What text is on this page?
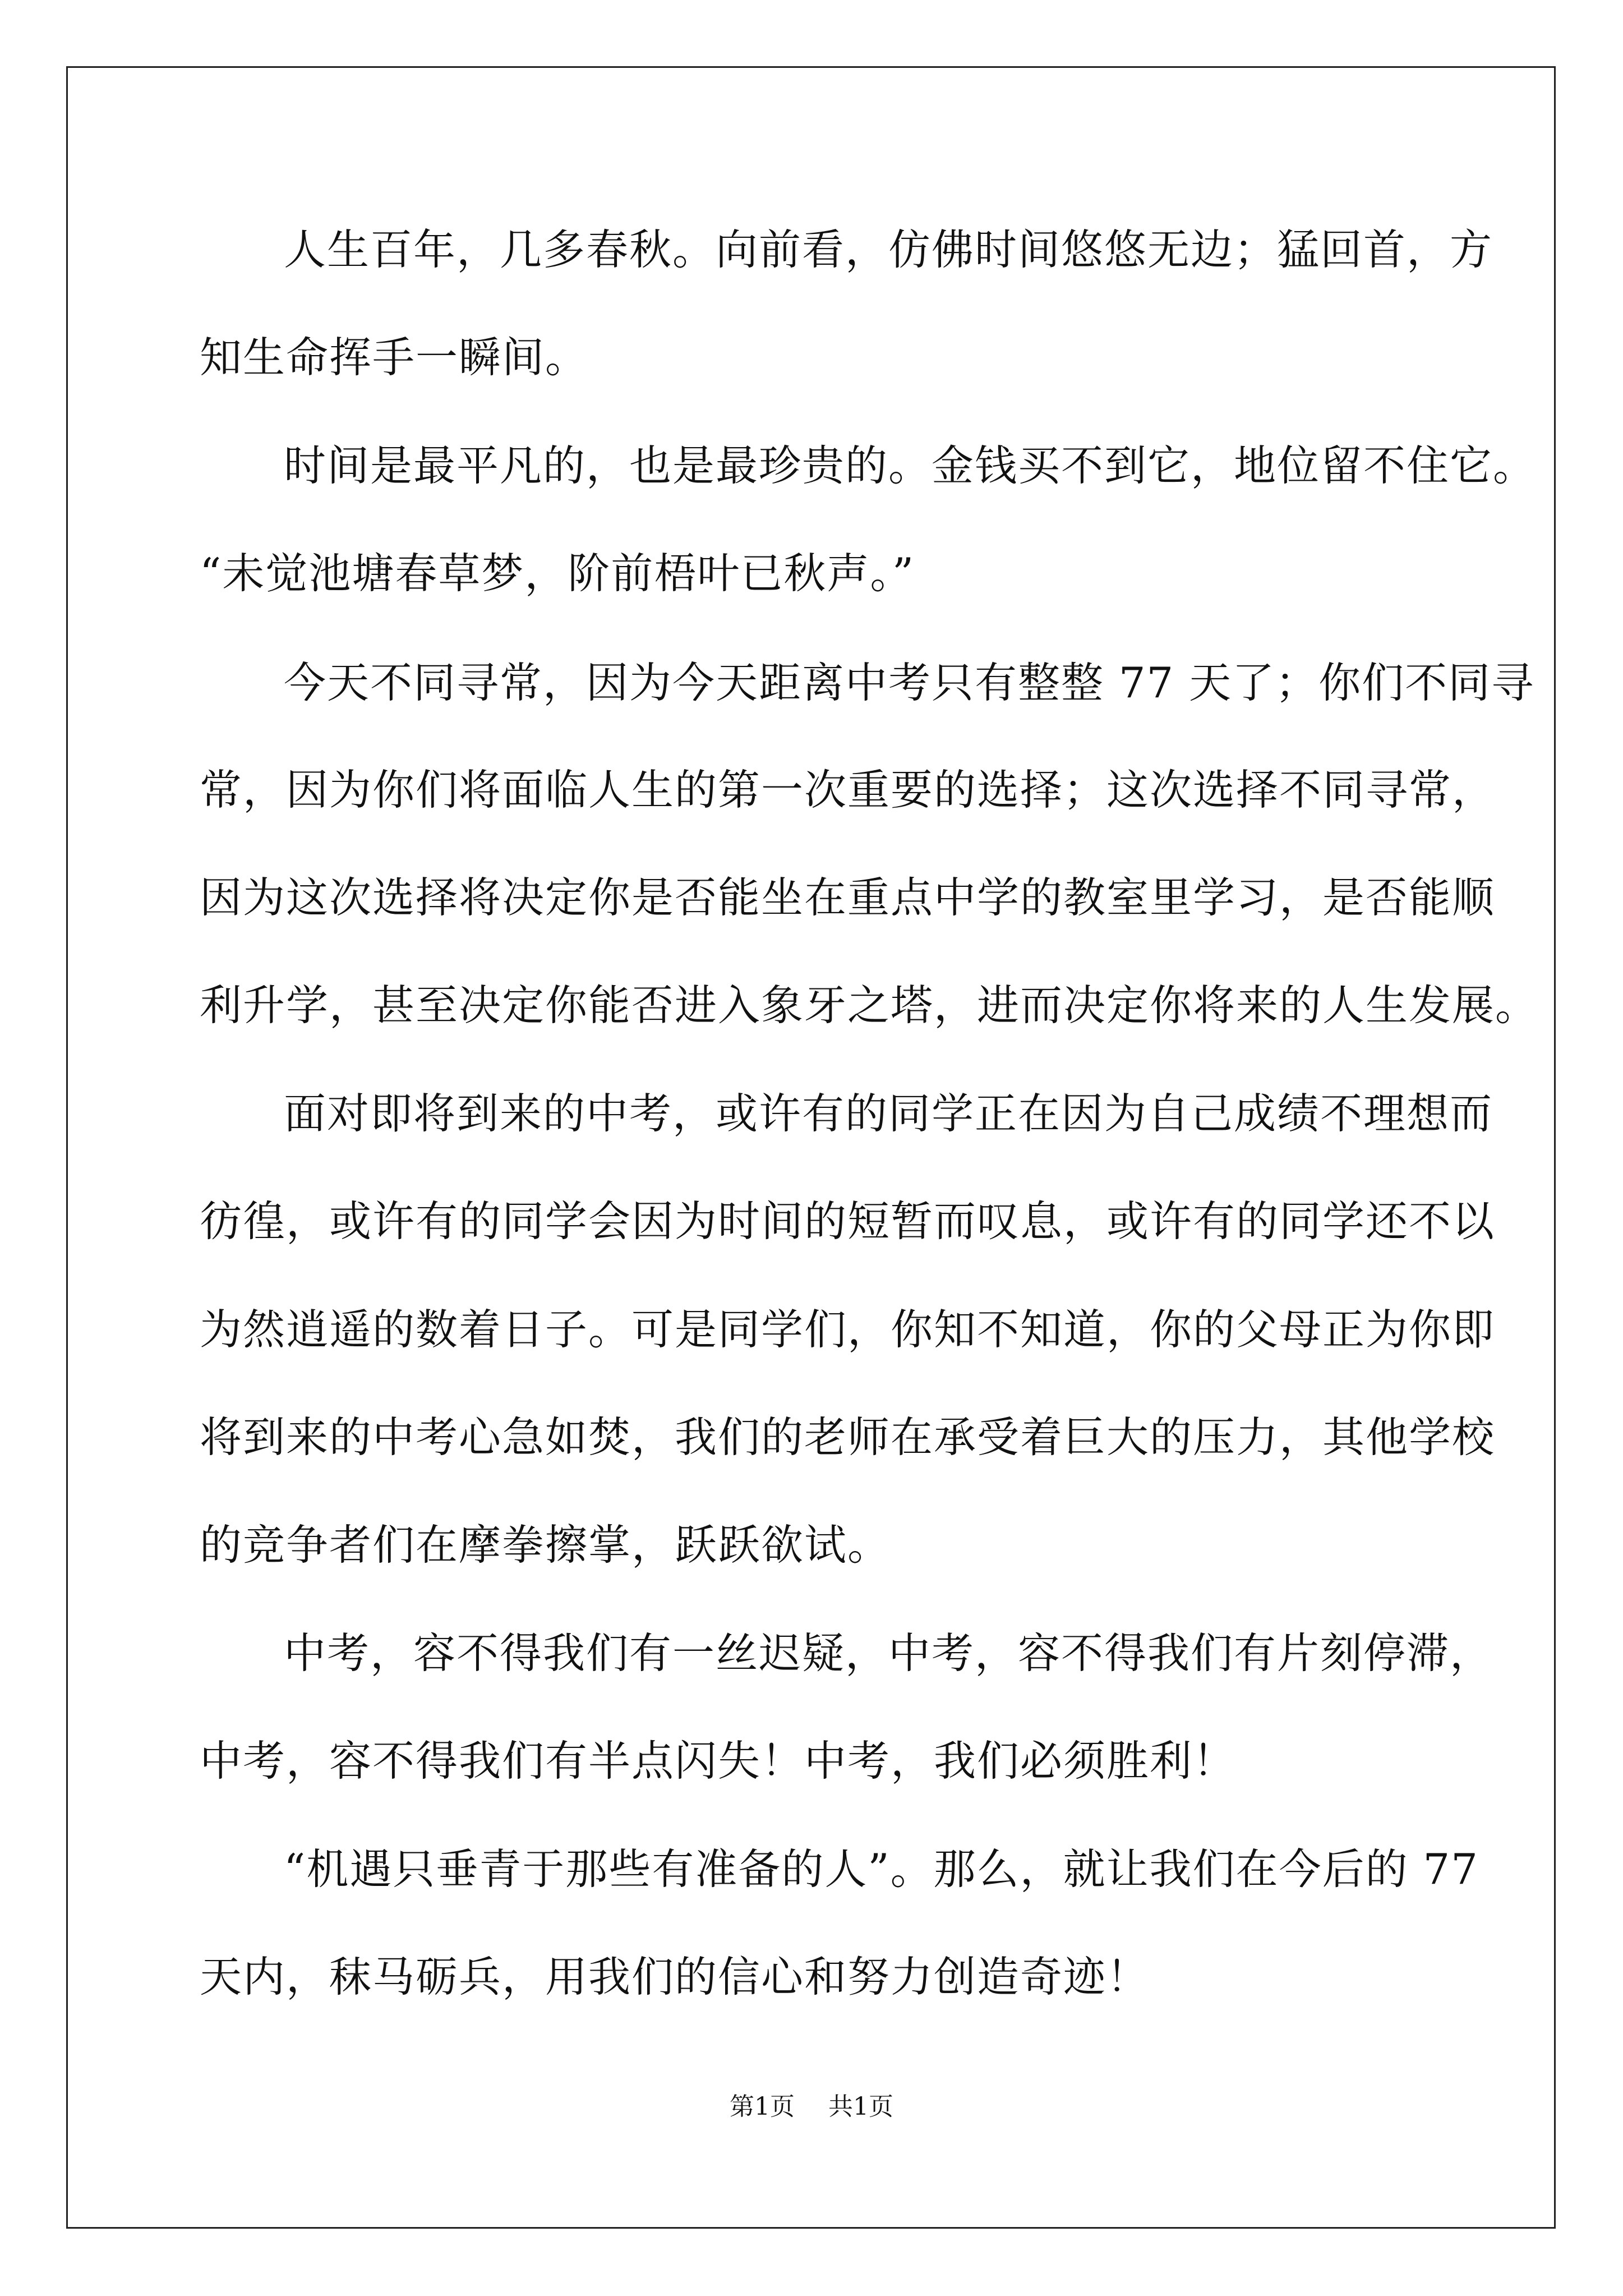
人生百年，几多春秋。向前看，仿佛时间悠悠无边；猛回首，方
知生命挥手一瞬间。
时间是最平凡的，也是最珍贵的。金钱买不到它，地位留不住它。
“未觉池塘春草梦，阶前梧叶已秋声。”
今天不同寻常，因为今天距离中考只有整整 77 天了；你们不同寻
常，因为你们将面临人生的第一次重要的选择；这次选择不同寻常，
因为这次选择将决定你是否能坐在重点中学的教室里学习，是否能顺
利升学，甚至决定你能否进入象牙之塔，进而决定你将来的人生发展。
面对即将到来的中考，或许有的同学正在因为自己成绩不理想而
彷徨，或许有的同学会因为时间的短暂而叹息，或许有的同学还不以
为然逍遥的数着日子。可是同学们，你知不知道，你的父母正为你即
将到来的中考心急如焚，我们的老师在承受着巨大的压力，其他学校
的竞争者们在摩拳擦掌，跃跃欲试。
中考，容不得我们有一丝迟疑，中考，容不得我们有片刻停滞，
中考，容不得我们有半点闪失！中考，我们必须胜利！
“机遇只垂青于那些有准备的人”。那么，就让我们在今后的 77
天内，秣马砺兵，用我们的信心和努力创造奇迹！
第1页 共1页
